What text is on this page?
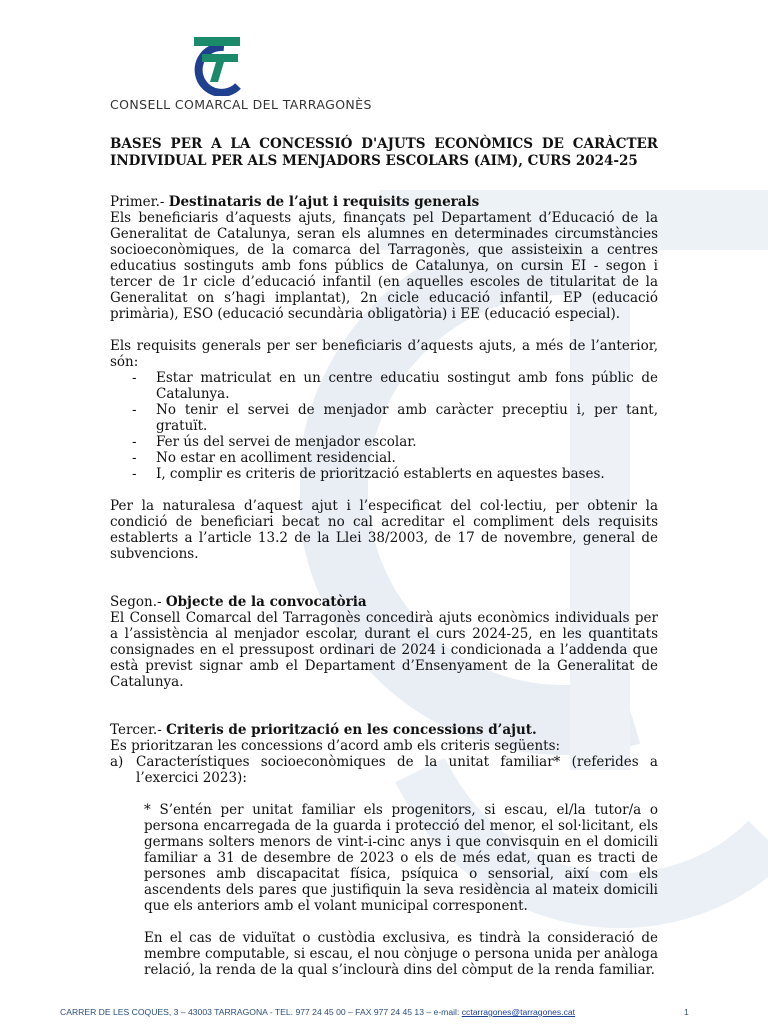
CONSELL COMARCAL DEL TARRAGONÈS
BASES PER A LA CONCESSIÓ D'AJUTS ECONÒMICS DE CARÀCTER INDIVIDUAL PER ALS MENJADORS ESCOLARS (AIM), CURS 2024-25

Primer.- Destinataris de l’ajut i requisits generals

Els beneficiaris d’aquests ajuts, finançats pel Departament d’Educació de la Generalitat de Catalunya, seran els alumnes en determinades circumstàncies socioeconòmiques, de la comarca del Tarragonès, que assisteixin a centres educatius sostinguts amb fons públics de Catalunya, on cursin EI - segon i tercer de 1r cicle d’educació infantil (en aquelles escoles de titularitat de la Generalitat on s’hagi implantat), 2n cicle educació infantil, EP (educació primària), ESO (educació secundària obligatòria) i EE (educació especial).

Els requisits generals per ser beneficiaris d’aquests ajuts, a més de l’anterior, són:

- Estar matriculat en un centre educatiu sostingut amb fons públic de Catalunya.
- No tenir el servei de menjador amb caràcter preceptiu i, per tant, gratuït.
- Fer ús del servei de menjador escolar.
- No estar en acolliment residencial.
- I, complir es criteris de priorització establerts en aquestes bases.

Per la naturalesa d’aquest ajut i l’especificat del col·lectiu, per obtenir la condició de beneficiari becat no cal acreditar el compliment dels requisits establerts a l’article 13.2 de la Llei 38/2003, de 17 de novembre, general de subvencions.

Segon.- Objecte de la convocatòria

El Consell Comarcal del Tarragonès concedirà ajuts econòmics individuals per a l’assistència al menjador escolar, durant el curs 2024-25, en les quantitats consignades en el pressupost ordinari de 2024 i condicionada a l’addenda que està previst signar amb el Departament d’Ensenyament de la Generalitat de Catalunya.

Tercer.- Criteris de priorització en les concessions d’ajut.

Es prioritzaran les concessions d’acord amb els criteris següents:

a) Característiques socioeconòmiques de la unitat familiar* (referides a l’exercici 2023):

* S’entén per unitat familiar els progenitors, si escau, el/la tutor/a o persona encarregada de la guarda i protecció del menor, el sol·licitant, els germans solters menors de vint-i-cinc anys i que convisquin en el domicili familiar a 31 de desembre de 2023 o els de més edat, quan es tracti de persones amb discapacitat física, psíquica o sensorial, així com els ascendents dels pares que justifiquin la seva residència al mateix domicili que els anteriors amb el volant municipal corresponent.

En el cas de viduïtat o custòdia exclusiva, es tindrà la consideració de membre computable, si escau, el nou cònjuge o persona unida per anàloga relació, la renda de la qual s’inclourà dins del còmput de la renda familiar.

CARRER DE LES COQUES, 3 – 43003 TARRAGONA - TEL. 977 24 45 00 – FAX 977 24 45 13 – e-mail: cctarragones@tarragones.cat	1
